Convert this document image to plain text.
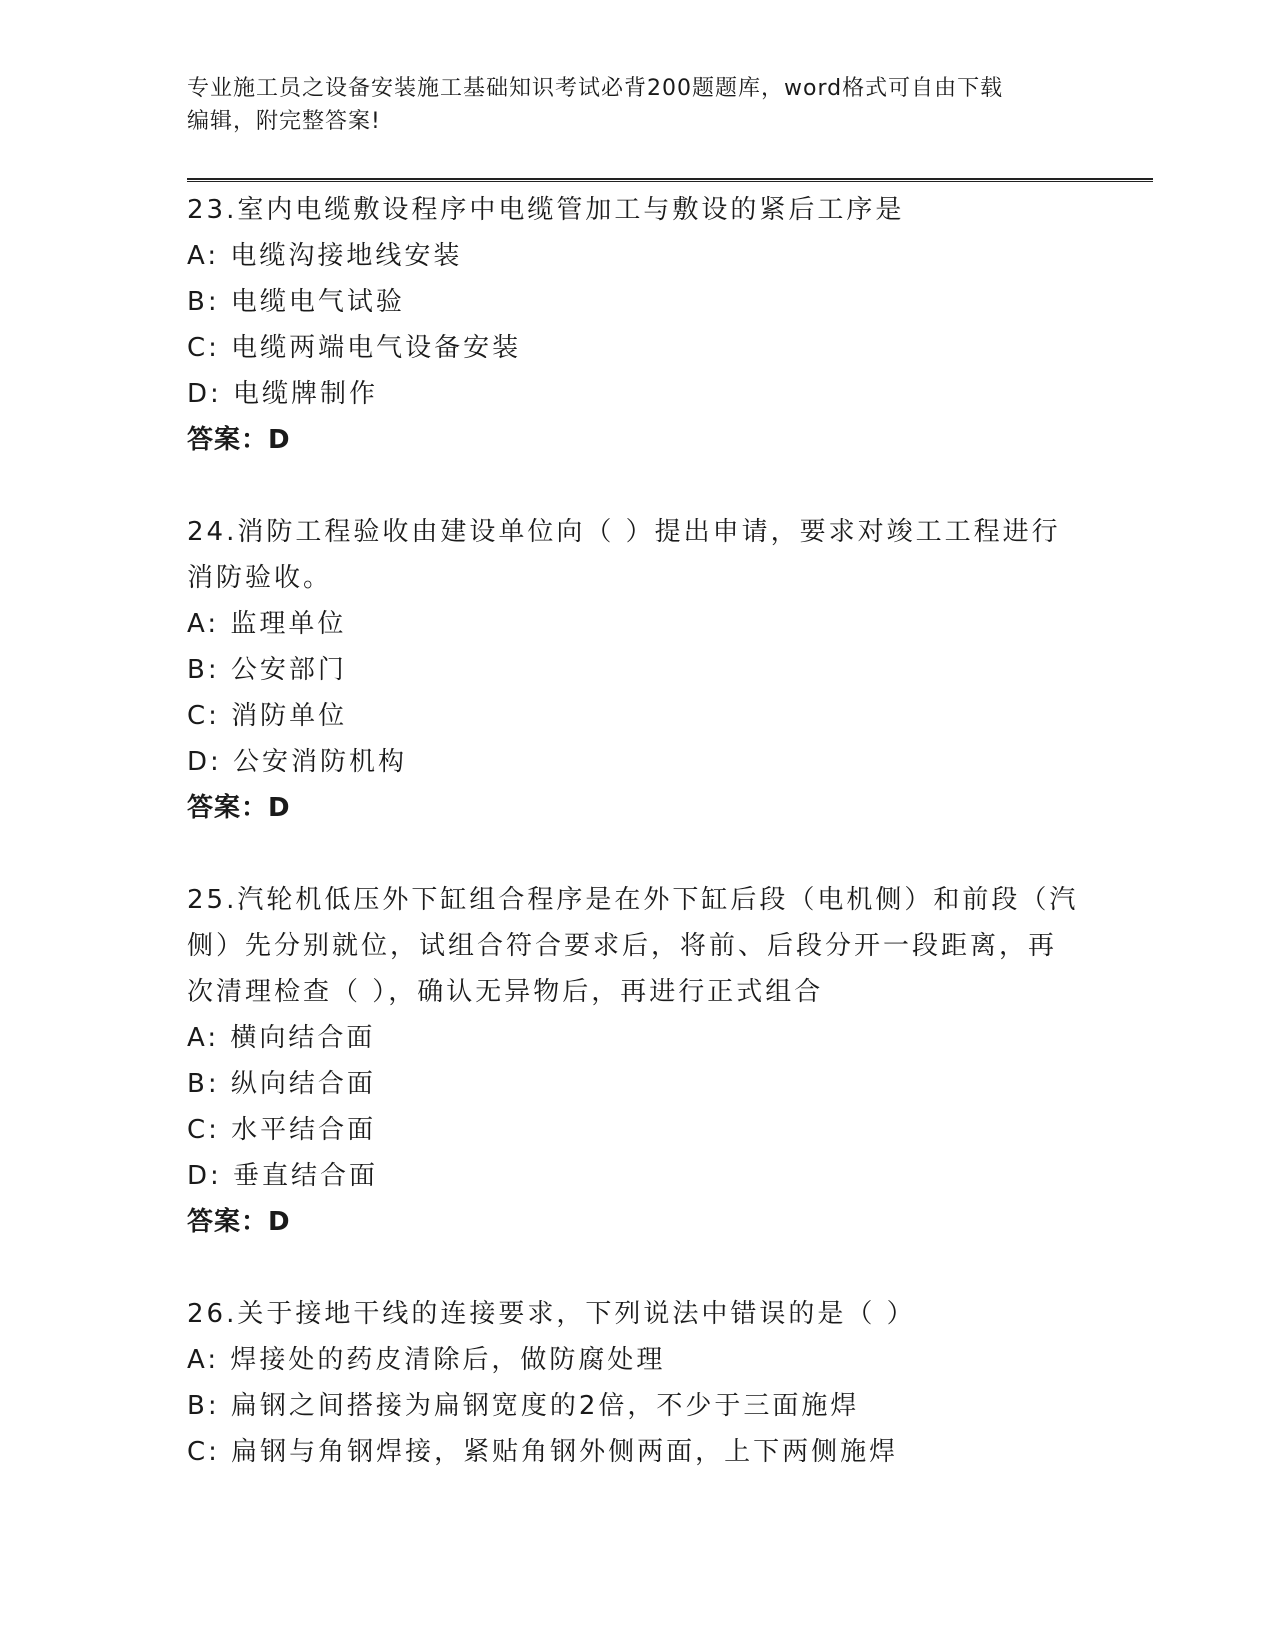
专业施工员之设备安装施工基础知识考试必背200题题库，word格式可自由下载
编辑，附完整答案!
23.室内电缆敷设程序中电缆管加工与敷设的紧后工序是
A: 电缆沟接地线安装
B: 电缆电气试验
C: 电缆两端电气设备安装
D: 电缆牌制作
答案：D
24.消防工程验收由建设单位向（ ）提出申请，要求对竣工工程进行
消防验收。
A: 监理单位
B: 公安部门
C: 消防单位
D: 公安消防机构
答案：D
25.汽轮机低压外下缸组合程序是在外下缸后段（电机侧）和前段（汽
侧）先分别就位，试组合符合要求后，将前、后段分开一段距离，再
次清理检查（ ），确认无异物后，再进行正式组合
A: 横向结合面
B: 纵向结合面
C: 水平结合面
D: 垂直结合面
答案：D
26.关于接地干线的连接要求，下列说法中错误的是（ ）
A: 焊接处的药皮清除后，做防腐处理
B: 扁钢之间搭接为扁钢宽度的2倍，不少于三面施焊
C: 扁钢与角钢焊接，紧贴角钢外侧两面，上下两侧施焊
